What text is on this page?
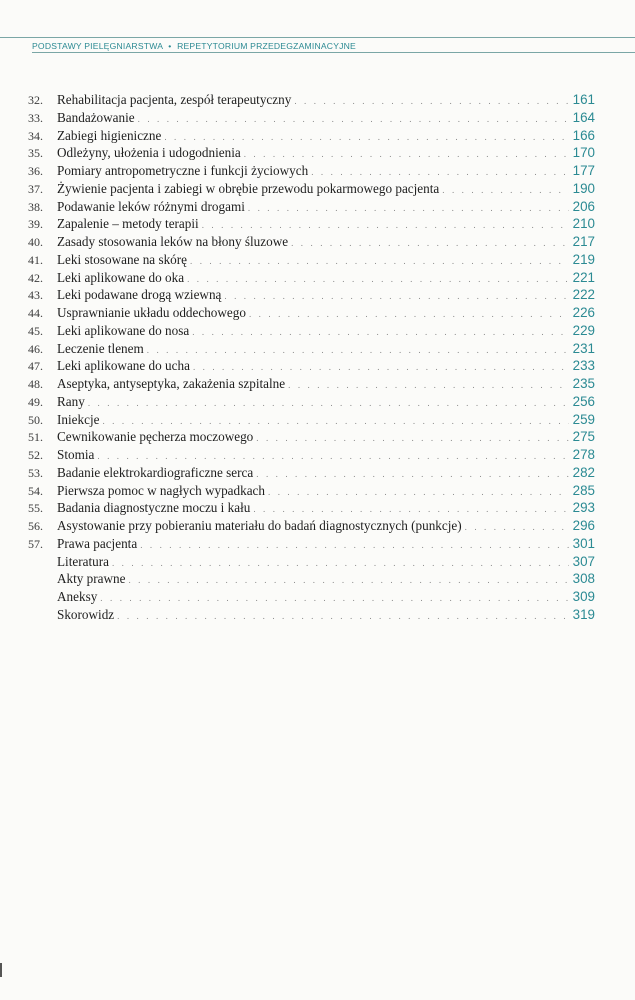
PODSTAWY PIELĘGNIARSTWA • REPETYTORIUM PRZEDEGZAMINACYJNE
32.	Rehabilitacja pacjenta, zespół terapeutyczny . . .	161
33.	Bandażowanie . . .	164
34.	Zabiegi higieniczne . . .	166
35.	Odleżyny, ułożenia i udogodnienia . . .	170
36.	Pomiary antropometryczne i funkcji życiowych . . .	177
37.	Żywienie pacjenta i zabiegi w obrębie przewodu pokarmowego pacjenta . . .	190
38.	Podawanie leków różnymi drogami . . .	206
39.	Zapalenie – metody terapii . . .	210
40.	Zasady stosowania leków na błony śluzowe . . .	217
41.	Leki stosowane na skórę . . .	219
42.	Leki aplikowane do oka . . .	221
43.	Leki podawane drogą wziewną . . .	222
44.	Usprawnianie układu oddechowego . . .	226
45.	Leki aplikowane do nosa . . .	229
46.	Leczenie tlenem . . .	231
47.	Leki aplikowane do ucha . . .	233
48.	Aseptyka, antyseptyka, zakażenia szpitalne . . .	235
49.	Rany . . .	256
50.	Iniekcje . . .	259
51.	Cewnikowanie pęcherza moczowego . . .	275
52.	Stomia . . .	278
53.	Badanie elektrokardiograficzne serca . . .	282
54.	Pierwsza pomoc w nagłych wypadkach . . .	285
55.	Badania diagnostyczne moczu i kału . . .	293
56.	Asystowanie przy pobieraniu materiału do badań diagnostycznych (punkcje) . . .	296
57.	Prawa pacjenta . . .	301
Literatura . . .	307
Akty prawne . . .	308
Aneksy . . .	309
Skorowidz . . .	319
